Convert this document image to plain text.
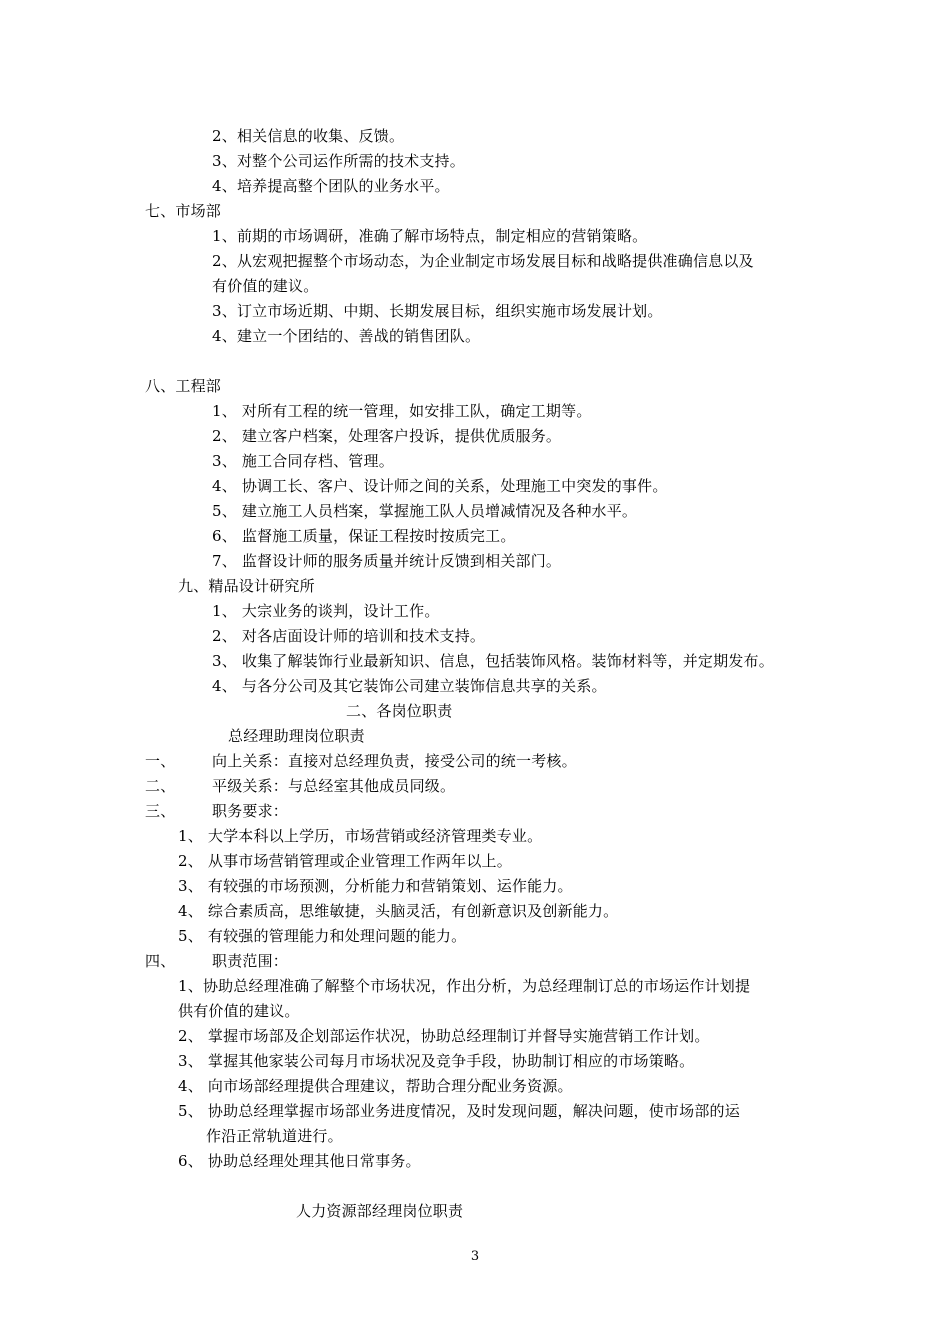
2、相关信息的收集、反馈。
3、对整个公司运作所需的技术支持。
4、培养提高整个团队的业务水平。
七、市场部
1、前期的市场调研，准确了解市场特点，制定相应的营销策略。
2、从宏观把握整个市场动态，为企业制定市场发展目标和战略提供准确信息以及
有价值的建议。
3、订立市场近期、中期、长期发展目标，组织实施市场发展计划。
4、建立一个团结的、善战的销售团队。
八、工程部
1、 对所有工程的统一管理，如安排工队，确定工期等。
2、 建立客户档案，处理客户投诉，提供优质服务。
3、 施工合同存档、管理。
4、 协调工长、客户、设计师之间的关系，处理施工中突发的事件。
5、 建立施工人员档案，掌握施工队人员增减情况及各种水平。
6、 监督施工质量，保证工程按时按质完工。
7、 监督设计师的服务质量并统计反馈到相关部门。
九、精品设计研究所
1、 大宗业务的谈判，设计工作。
2、 对各店面设计师的培训和技术支持。
3、 收集了解装饰行业最新知识、信息，包括装饰风格。装饰材料等，并定期发布。
4、 与各分公司及其它装饰公司建立装饰信息共享的关系。
二、各岗位职责
总经理助理岗位职责
一、 向上关系：直接对总经理负责，接受公司的统一考核。
二、 平级关系：与总经室其他成员同级。
三、 职务要求：
1、 大学本科以上学历，市场营销或经济管理类专业。
2、 从事市场营销管理或企业管理工作两年以上。
3、 有较强的市场预测，分析能力和营销策划、运作能力。
4、 综合素质高，思维敏捷，头脑灵活，有创新意识及创新能力。
5、 有较强的管理能力和处理问题的能力。
四、 职责范围：
1、协助总经理准确了解整个市场状况，作出分析，为总经理制订总的市场运作计划提
供有价值的建议。
2、 掌握市场部及企划部运作状况，协助总经理制订并督导实施营销工作计划。
3、 掌握其他家装公司每月市场状况及竞争手段，协助制订相应的市场策略。
4、 向市场部经理提供合理建议，帮助合理分配业务资源。
5、 协助总经理掌握市场部业务进度情况，及时发现问题，解决问题，使市场部的运
作沿正常轨道进行。
6、 协助总经理处理其他日常事务。
人力资源部经理岗位职责
3
